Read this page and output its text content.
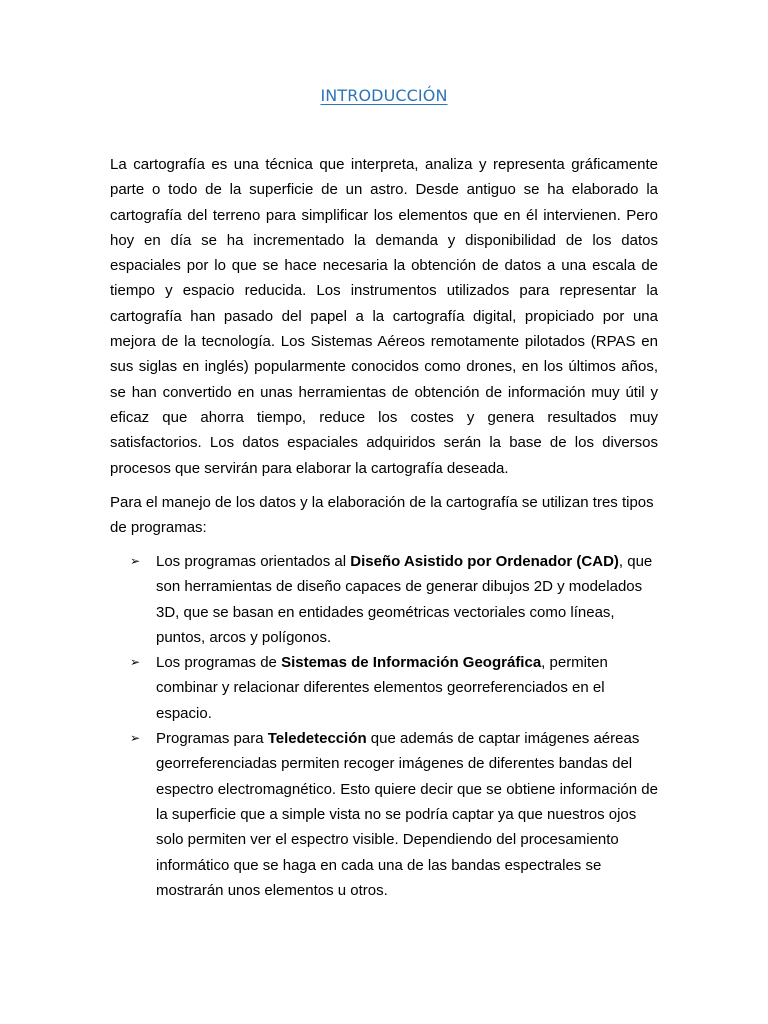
INTRODUCCIÓN

La cartografía es una técnica que interpreta, analiza y representa gráficamente parte o todo de la superficie de un astro. Desde antiguo se ha elaborado la cartografía del terreno para simplificar los elementos que en él intervienen. Pero hoy en día se ha incrementado la demanda y disponibilidad de los datos espaciales por lo que se hace necesaria la obtención de datos a una escala de tiempo y espacio reducida. Los instrumentos utilizados para representar la cartografía han pasado del papel a la cartografía digital, propiciado por una mejora de la tecnología. Los Sistemas Aéreos remotamente pilotados (RPAS en sus siglas en inglés) popularmente conocidos como drones, en los últimos años, se han convertido en unas herramientas de obtención de información muy útil y eficaz que ahorra tiempo, reduce los costes y genera resultados muy satisfactorios. Los datos espaciales adquiridos serán la base de los diversos procesos que servirán para elaborar la cartografía deseada.

Para el manejo de los datos y la elaboración de la cartografía se utilizan tres tipos de programas:

➢ Los programas orientados al Diseño Asistido por Ordenador (CAD), que son herramientas de diseño capaces de generar dibujos 2D y modelados 3D, que se basan en entidades geométricas vectoriales como líneas, puntos, arcos y polígonos.
➢ Los programas de Sistemas de Información Geográfica, permiten combinar y relacionar diferentes elementos georreferenciados en el espacio.
➢ Programas para Teledetección que además de captar imágenes aéreas georreferenciadas permiten recoger imágenes de diferentes bandas del espectro electromagnético. Esto quiere decir que se obtiene información de la superficie que a simple vista no se podría captar ya que nuestros ojos solo permiten ver el espectro visible. Dependiendo del procesamiento informático que se haga en cada una de las bandas espectrales se mostrarán unos elementos u otros.
